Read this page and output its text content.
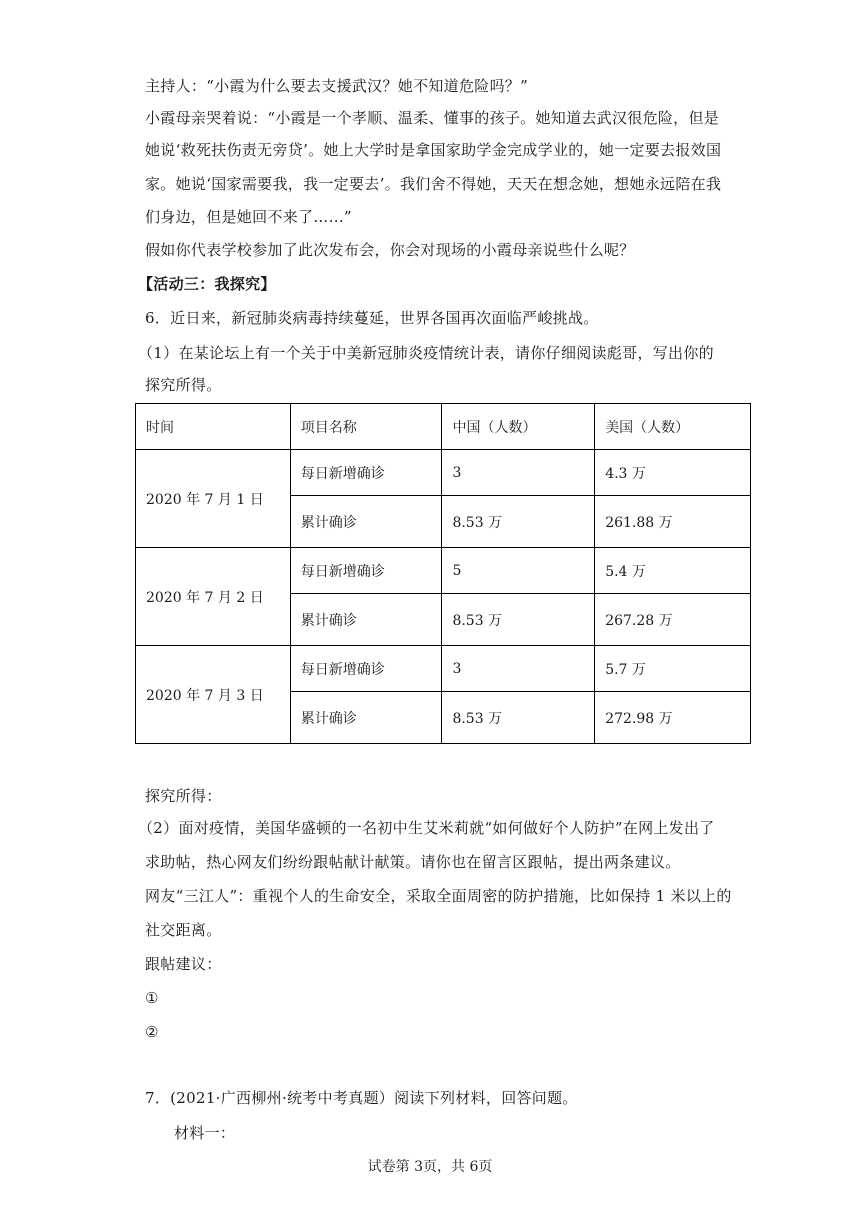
主持人：“小霞为什么要去支援武汉？她不知道危险吗？”
小霞母亲哭着说：“小霞是一个孝顺、温柔、懂事的孩子。她知道去武汉很危险，但是
她说‘救死扶伤责无旁贷’。她上大学时是拿国家助学金完成学业的，她一定要去报效国
家。她说‘国家需要我，我一定要去’。我们舍不得她，天天在想念她，想她永远陪在我
们身边，但是她回不来了……”
假如你代表学校参加了此次发布会，你会对现场的小霞母亲说些什么呢？
【活动三：我探究】
6．近日来，新冠肺炎病毒持续蔓延，世界各国再次面临严峻挑战。
（1）在某论坛上有一个关于中美新冠肺炎疫情统计表，请你仔细阅读彪哥，写出你的
探究所得。
时间	项目名称	中国（人数）	美国（人数）
2020 年 7 月 1 日	每日新增确诊	3	4.3 万
	累计确诊	8.53 万	261.88 万
2020 年 7 月 2 日	每日新增确诊	5	5.4 万
	累计确诊	8.53 万	267.28 万
2020 年 7 月 3 日	每日新增确诊	3	5.7 万
	累计确诊	8.53 万	272.98 万
探究所得：
（2）面对疫情，美国华盛顿的一名初中生艾米莉就“如何做好个人防护”在网上发出了
求助帖，热心网友们纷纷跟帖献计献策。请你也在留言区跟帖，提出两条建议。
网友“三江人”：重视个人的生命安全，采取全面周密的防护措施，比如保持 1 米以上的
社交距离。
跟帖建议：
①
②
7．(2021·广西柳州·统考中考真题）阅读下列材料，回答问题。
材料一：
试卷第 3页，共 6页
